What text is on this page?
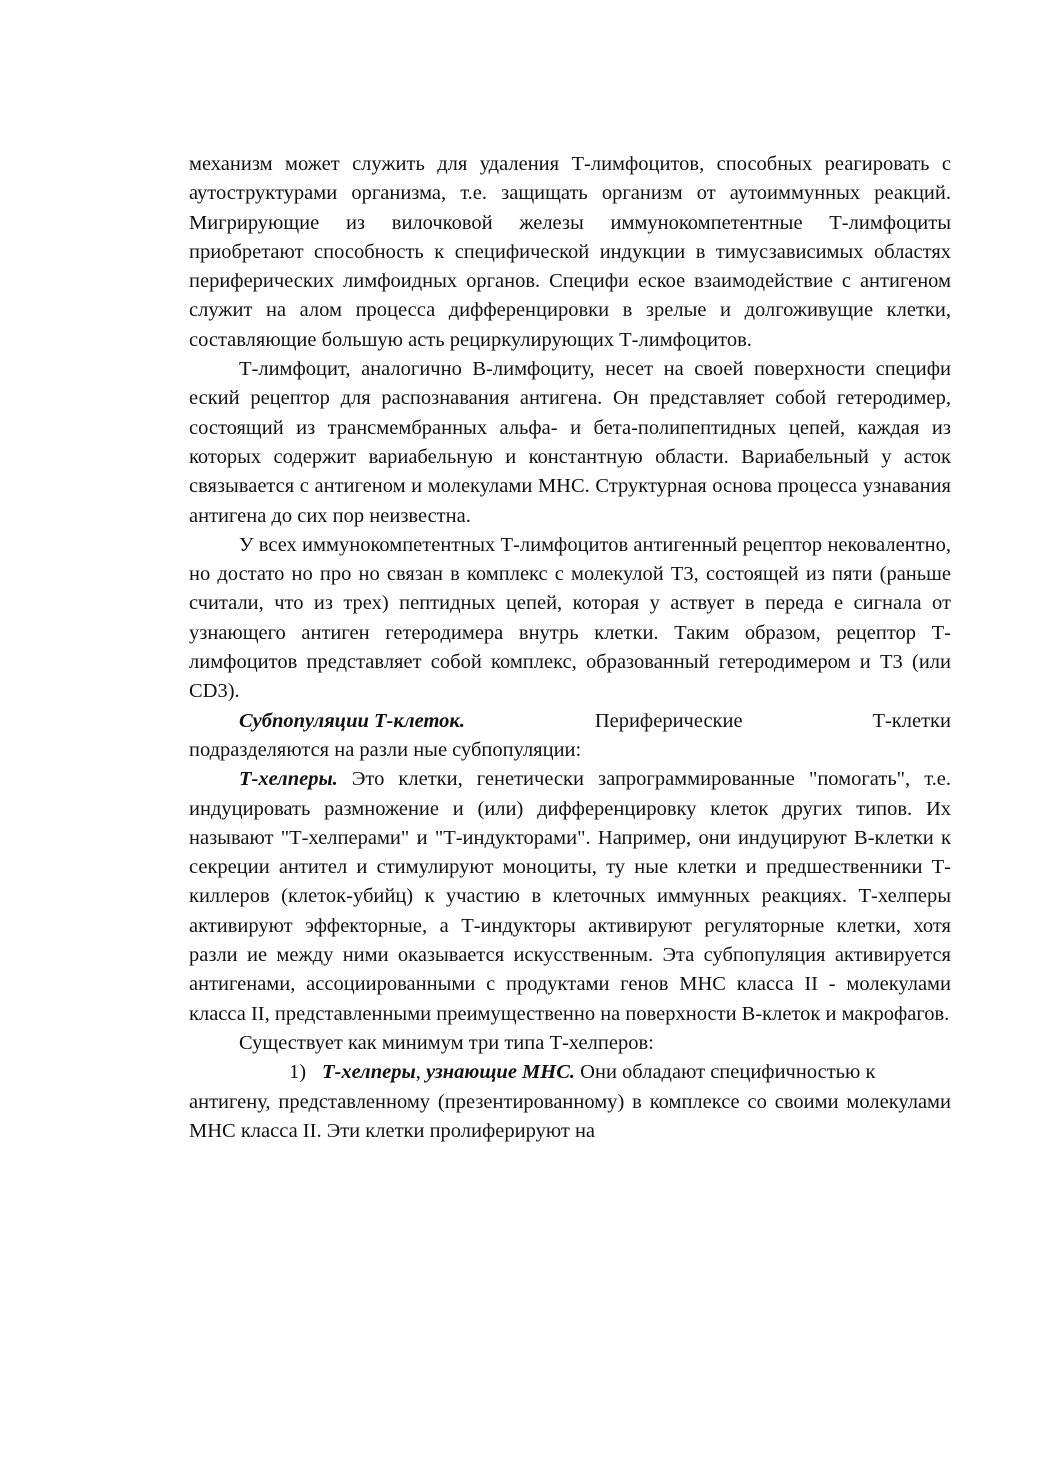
механизм может служить для удаления Т-лимфоцитов, способных реагировать с аутоструктурами организма, т.е. защищать организм от аутоиммунных реакций. Мигрирующие из вилочковой железы иммунокомпетентные Т-лимфоциты приобретают способность к специфической индукции в тимусзависимых областях периферических лимфоидных органов. Специфи еское взаимодействие с антигеном служит на алом процесса дифференцировки в зрелые и долгоживущие клетки, составляющие большую асть рециркулирующих Т-лимфоцитов.

Т-лимфоцит, аналогично В-лимфоциту, несет на своей поверхности специфи еский рецептор для распознавания антигена. Он представляет собой гетеродимер, состоящий из трансмембранных альфа- и бета-полипептидных цепей, каждая из которых содержит вариабельную и константную области. Вариабельный у асток связывается с антигеном и молекулами МНС. Структурная основа процесса узнавания антигена до сих пор неизвестна.

У всех иммунокомпетентных Т-лимфоцитов антигенный рецептор нековалентно, но достато но про но связан в комплекс с молекулой Т3, состоящей из пяти (раньше считали, что из трех) пептидных цепей, которая у аствует в переда е сигнала от узнающего антиген гетеродимера внутрь клетки. Таким образом, рецептор Т-лимфоцитов представляет собой комплекс, образованный гетеродимером и Т3 (или CD3).

Субпопуляции Т-клеток.	Периферические	Т-клетки

подразделяются на разли ные субпопуляции:

Т-хелперы. Это клетки, генетически запрограммированные "помогать", т.е. индуцировать размножение и (или) дифференцировку клеток других типов. Их называют "Т-хелперами" и "Т-индукторами". Например, они индуцируют В-клетки к секреции антител и стимулируют моноциты, ту ные клетки и предшественники Т-киллеров (клеток-убийц) к участию в клеточных иммунных реакциях. Т-хелперы активируют эффекторные, а Т-индукторы активируют регуляторные клетки, хотя разли ие между ними оказывается искусственным. Эта субпопуляция активируется антигенами, ассоциированными с продуктами генов МНС класса II - молекулами класса II, представленными преимущественно на поверхности В-клеток и макрофагов.

Существует как минимум три типа Т-хелперов:

1) Т-хелперы, узнающие МНС. Они обладают специфичностью к

антигену, представленному (презентированному) в комплексе со своими молекулами МНС класса II. Эти клетки пролиферируют на
